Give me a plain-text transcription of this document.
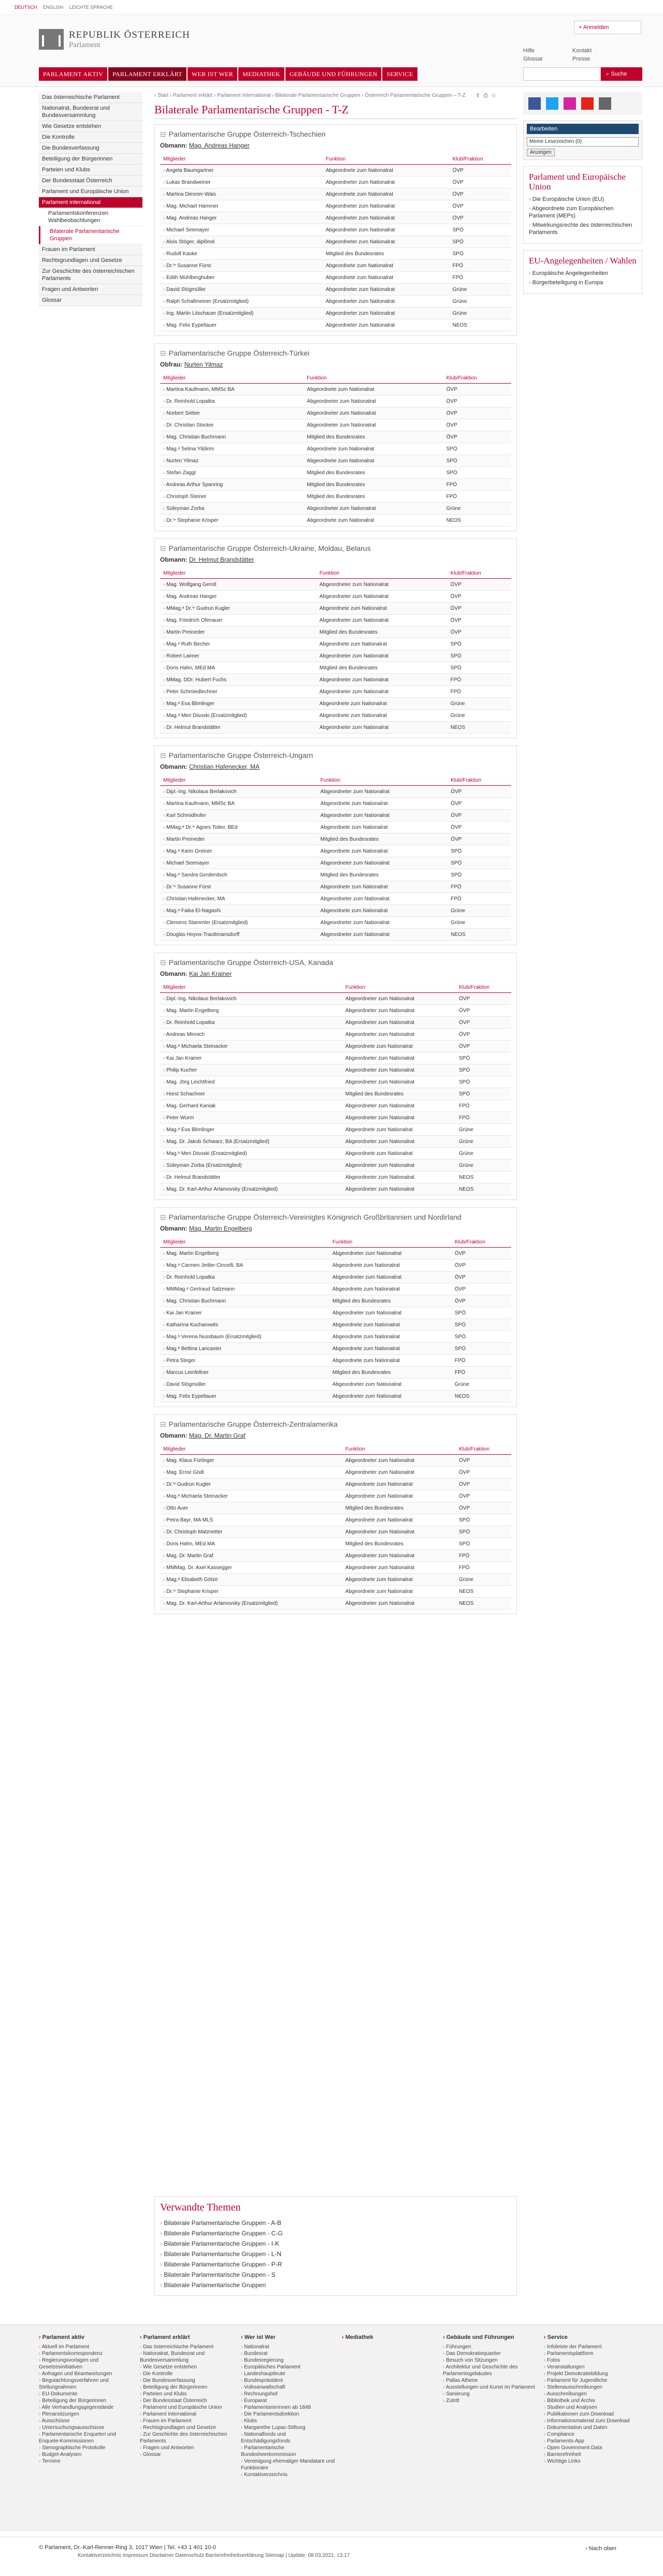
DEUTSCH ENGLISH LEICHTE SPRACHE
REPUBLIK ÖSTERREICH
Parlament
+ Anmelden
Hilfe
Glossar
Kontakt
Presse
PARLAMENT AKTIV	PARLAMENT ERKLÄRT	WER IST WER	MEDIATHEK	GEBÄUDE UND FÜHRUNGEN	SERVICE	⌕ Suche
Das österreichische Parlament
Nationalrat, Bundesrat und Bundesversammlung
Wie Gesetze entstehen
Die Kontrolle
Die Bundesverfassung
Beteiligung der Bürgerinnen
Parteien und Klubs
Der Bundesstaat Österreich
Parlament und Europäische Union
Parlament international
Parlamentskonferenzen Wahlbeobachtungen
Bilaterale Parlamentarische Gruppen
Frauen im Parlament
Rechtsgrundlagen und Gesetze
Zur Geschichte des österreichischen Parlaments
Fragen und Antworten
Glossar
› Start › Parlament erklärt › Parlament International › Bilaterale Parlamentarische Gruppen › Österreich Parlamentarische Gruppen – T-Z	⇪ ⎙ ☆
Bilaterale Parlamentarische Gruppen - T-Z
⊟ Parlamentarische Gruppe Österreich-Tschechien
Obmann: Mag. Andreas Hanger
Mitglieder	Funktion	Klub/Fraktion
› Angela Baumgartner	Abgeordnete zum Nationalrat	ÖVP
› Lukas Brandweiner	Abgeordneter zum Nationalrat	ÖVP
› Martina Diesner-Wais	Abgeordnete zum Nationalrat	ÖVP
› Mag. Michael Hammer	Abgeordneter zum Nationalrat	ÖVP
› Mag. Andreas Hanger	Abgeordneter zum Nationalrat	ÖVP
› Michael Seemayer	Abgeordneter zum Nationalrat	SPÖ
› Alois Stöger, diplômé	Abgeordneter zum Nationalrat	SPÖ
› Rudolf Kaske	Mitglied des Bundesrates	SPÖ
› Dr.ⁱⁿ Susanne Fürst	Abgeordnete zum Nationalrat	FPÖ
› Edith Mühlberghuber	Abgeordnete zum Nationalrat	FPÖ
› David Stögmüller	Abgeordneter zum Nationalrat	Grüne
› Ralph Schallmeiner (Ersatzmitglied)	Abgeordneter zum Nationalrat	Grüne
› Ing. Martin Litschauer (Ersatzmitglied)	Abgeordneter zum Nationalrat	Grüne
› Mag. Felix Eypeltauer	Abgeordneter zum Nationalrat	NEOS
⊟ Parlamentarische Gruppe Österreich-Türkei
Obfrau: Nurten Yilmaz
Mitglieder	Funktion	Klub/Fraktion
› Martina Kaufmann, MMSc BA	Abgeordnete zum Nationalrat	ÖVP
› Dr. Reinhold Lopatka	Abgeordneter zum Nationalrat	ÖVP
› Norbert Sieber	Abgeordneter zum Nationalrat	ÖVP
› Dr. Christian Stocker	Abgeordneter zum Nationalrat	ÖVP
› Mag. Christian Buchmann	Mitglied des Bundesrates	ÖVP
› Mag.ᵃ Selma Yildirim	Abgeordnete zum Nationalrat	SPÖ
› Nurten Yilmaz	Abgeordnete zum Nationalrat	SPÖ
› Stefan Zaggl	Mitglied des Bundesrates	SPÖ
› Andreas Arthur Spanring	Mitglied des Bundesrates	FPÖ
› Christoph Steiner	Mitglied des Bundesrates	FPÖ
› Süleyman Zorba	Abgeordneter zum Nationalrat	Grüne
› Dr.ⁱⁿ Stephanie Krisper	Abgeordnete zum Nationalrat	NEOS
⊟ Parlamentarische Gruppe Österreich-Ukraine, Moldau, Belarus
Obmann: Dr. Helmut Brandstätter
Mitglieder	Funktion	Klub/Fraktion
› Mag. Wolfgang Gerstl	Abgeordneter zum Nationalrat	ÖVP
› Mag. Andreas Hanger	Abgeordneter zum Nationalrat	ÖVP
› MMag.ᵃ Dr.ⁱⁿ Gudrun Kugler	Abgeordnete zum Nationalrat	ÖVP
› Mag. Friedrich Ofenauer	Abgeordneter zum Nationalrat	ÖVP
› Martin Preineder	Mitglied des Bundesrates	ÖVP
› Mag.ᵃ Ruth Becher	Abgeordnete zum Nationalrat	SPÖ
› Robert Laimer	Abgeordneter zum Nationalrat	SPÖ
› Doris Hahn, MEd MA	Mitglied des Bundesrates	SPÖ
› MMag. DDr. Hubert Fuchs	Abgeordneter zum Nationalrat	FPÖ
› Peter Schmiedlechner	Abgeordneter zum Nationalrat	FPÖ
› Mag.ᵃ Eva Blimlinger	Abgeordnete zum Nationalrat	Grüne
› Mag.ᵃ Meri Disoski (Ersatzmitglied)	Abgeordnete zum Nationalrat	Grüne
› Dr. Helmut Brandstätter	Abgeordneter zum Nationalrat	NEOS
⊟ Parlamentarische Gruppe Österreich-Ungarn
Obmann: Christian Hafenecker, MA
Mitglieder	Funktion	Klub/Fraktion
› Dipl.-Ing. Nikolaus Berlakovich	Abgeordneter zum Nationalrat	ÖVP
› Martina Kaufmann, MMSc BA	Abgeordnete zum Nationalrat	ÖVP
› Karl Schmidhofer	Abgeordneter zum Nationalrat	ÖVP
› MMag.ᵃ Dr.ⁱⁿ Agnes Totter, BEd	Abgeordnete zum Nationalrat	ÖVP
› Martin Preineder	Mitglied des Bundesrates	ÖVP
› Mag.ᵃ Karin Greiner	Abgeordnete zum Nationalrat	SPÖ
› Michael Seemayer	Abgeordneter zum Nationalrat	SPÖ
› Mag.ᵃ Sandra Gerdenitsch	Mitglied des Bundesrates	SPÖ
› Dr.ⁱⁿ Susanne Fürst	Abgeordnete zum Nationalrat	FPÖ
› Christian Hafenecker, MA	Abgeordneter zum Nationalrat	FPÖ
› Mag.ᵃ Faika El-Nagashi	Abgeordnete zum Nationalrat	Grüne
› Clemens Stammler (Ersatzmitglied)	Abgeordneter zum Nationalrat	Grüne
› Douglas Hoyos-Trauttmansdorff	Abgeordneter zum Nationalrat	NEOS
⊟ Parlamentarische Gruppe Österreich-USA, Kanada
Obmann: Kai Jan Krainer
Mitglieder	Funktion	Klub/Fraktion
› Dipl.-Ing. Nikolaus Berlakovich	Abgeordneter zum Nationalrat	ÖVP
› Mag. Martin Engelberg	Abgeordneter zum Nationalrat	ÖVP
› Dr. Reinhold Lopatka	Abgeordneter zum Nationalrat	ÖVP
› Andreas Minnich	Abgeordneter zum Nationalrat	ÖVP
› Mag.ᵃ Michaela Steinacker	Abgeordnete zum Nationalrat	ÖVP
› Kai Jan Krainer	Abgeordneter zum Nationalrat	SPÖ
› Philip Kucher	Abgeordneter zum Nationalrat	SPÖ
› Mag. Jörg Leichtfried	Abgeordneter zum Nationalrat	SPÖ
› Horst Schachner	Mitglied des Bundesrates	SPÖ
› Mag. Gerhard Kaniak	Abgeordneter zum Nationalrat	FPÖ
› Peter Wurm	Abgeordneter zum Nationalrat	FPÖ
› Mag.ᵃ Eva Blimlinger	Abgeordnete zum Nationalrat	Grüne
› Mag. Dr. Jakob Schwarz, BA (Ersatzmitglied)	Abgeordneter zum Nationalrat	Grüne
› Mag.ᵃ Meri Disoski (Ersatzmitglied)	Abgeordnete zum Nationalrat	Grüne
› Süleyman Zorba (Ersatzmitglied)	Abgeordneter zum Nationalrat	Grüne
› Dr. Helmut Brandstätter	Abgeordneter zum Nationalrat	NEOS
› Mag. Dr. Karl-Arthur Arlamovsky (Ersatzmitglied)	Abgeordneter zum Nationalrat	NEOS
⊟ Parlamentarische Gruppe Österreich-Vereinigtes Königreich Großbritannien und Nordirland
Obmann: Mag. Martin Engelberg
Mitglieder	Funktion	Klub/Fraktion
› Mag. Martin Engelberg	Abgeordneter zum Nationalrat	ÖVP
› Mag.ᵃ Carmen Jeitler-Cincelli, BA	Abgeordnete zum Nationalrat	ÖVP
› Dr. Reinhold Lopatka	Abgeordneter zum Nationalrat	ÖVP
› MMMag.ᵃ Gertraud Salzmann	Abgeordnete zum Nationalrat	ÖVP
› Mag. Christian Buchmann	Mitglied des Bundesrates	ÖVP
› Kai Jan Krainer	Abgeordneter zum Nationalrat	SPÖ
› Katharina Kucharowits	Abgeordnete zum Nationalrat	SPÖ
› Mag.ᵃ Verena Nussbaum (Ersatzmitglied)	Abgeordnete zum Nationalrat	SPÖ
› Mag.ᵃ Bettina Lancaster	Abgeordnete zum Nationalrat	SPÖ
› Petra Steger	Abgeordnete zum Nationalrat	FPÖ
› Marcus Leinfellner	Mitglied des Bundesrates	FPÖ
› David Stögmüller	Abgeordneter zum Nationalrat	Grüne
› Mag. Felix Eypeltauer	Abgeordneter zum Nationalrat	NEOS
⊟ Parlamentarische Gruppe Österreich-Zentralamerika
Obmann: Mag. Dr. Martin Graf
Mitglieder	Funktion	Klub/Fraktion
› Mag. Klaus Fürlinger	Abgeordneter zum Nationalrat	ÖVP
› Mag. Ernst Gödl	Abgeordneter zum Nationalrat	ÖVP
› Dr.ⁱⁿ Gudrun Kugler	Abgeordnete zum Nationalrat	ÖVP
› Mag.ᵃ Michaela Steinacker	Abgeordnete zum Nationalrat	ÖVP
› Otto Auer	Mitglied des Bundesrates	ÖVP
› Petra Bayr, MA MLS	Abgeordnete zum Nationalrat	SPÖ
› Dr. Christoph Matznetter	Abgeordneter zum Nationalrat	SPÖ
› Doris Hahn, MEd MA	Mitglied des Bundesrates	SPÖ
› Mag. Dr. Martin Graf	Abgeordneter zum Nationalrat	FPÖ
› MMMag. Dr. Axel Kassegger	Abgeordneter zum Nationalrat	FPÖ
› Mag.ᵃ Elisabeth Götze	Abgeordnete zum Nationalrat	Grüne
› Dr.ⁱⁿ Stephanie Krisper	Abgeordnete zum Nationalrat	NEOS
› Mag. Dr. Karl-Arthur Arlamovsky (Ersatzmitglied)	Abgeordneter zum Nationalrat	NEOS
Bearbeiten
Meine Lesezeichen (0)
Anzeigen
Parlament und Europäische Union
› Die Europäische Union (EU)
› Abgeordnete zum Europäischen Parlament (MEPs)
› Mitwirkungsrechte des österreichischen Parlaments
EU-Angelegenheiten / Wahlen
› Europäische Angelegenheiten
› Bürgerbeteiligung in Europa
Verwandte Themen
› Bilaterale Parlamentarische Gruppen - A-B
› Bilaterale Parlamentarische Gruppen - C-G
› Bilaterale Parlamentarische Gruppen - I-K
› Bilaterale Parlamentarische Gruppen - L-N
› Bilaterale Parlamentarische Gruppen - P-R
› Bilaterale Parlamentarische Gruppen - S
› Bilaterale Parlamentarische Gruppen
› Parlament aktiv
› Aktuell im Parlament
› Parlamentskorrespondenz
› Regierungsvorlagen und Gesetzesinitiativen
› Anfragen und Beantwortungen
› Begutachtungsverfahren und Stellungnahmen
› EU-Dokumente
› Beteiligung der Bürgerinnen
› Alle Verhandlungsgegenstände
› Plenarsitzungen
› Ausschüsse
› Untersuchungsausschüsse
› Parlamentarische Enqueten und Enquete-Kommissionen
› Stenographische Protokolle
› Budget-Analysen
› Termine
› Parlament erklärt
› Das österreichische Parlament
› Nationalrat, Bundesrat und Bundesversammlung
› Wie Gesetze entstehen
› Die Kontrolle
› Die Bundesverfassung
› Beteiligung der Bürgerinnen
› Parteien und Klubs
› Der Bundesstaat Österreich
› Parlament und Europäische Union
› Parlament international
› Frauen im Parlament
› Rechtsgrundlagen und Gesetze
› Zur Geschichte des österreichischen Parlaments
› Fragen und Antworten
› Glossar
› Wer ist Wer
› Nationalrat
› Bundesrat
› Bundesregierung
› Europäisches Parlament
› Landeshauptleute
› Bundespräsident
› Volksanwaltschaft
› Rechnungshof
› Europarat
› Parlamentarierinnen ab 1848
› Die Parlamentsdirektion
› Klubs
› Margarethe Lupac-Stiftung
› Nationalfonds und Entschädigungsfonds
› Parlamentarische Bundesheerkommission
› Vereinigung ehemaliger Mandatare und Funktionäre
› Kontaktverzeichnis
› Mediathek	› Gebäude und Führungen
› Führungen
› Das Demokratiequartier
› Besuch von Sitzungen
› Architektur und Geschichte des Parlamentsgebäudes
› Pallas Athene
› Ausstellungen und Kunst im Parlament
› Sanierung
› Zutritt
› Service
› Infoleiste der Parlament
› Parlamentsplattform
› Fotos
› Veranstaltungen
› Projekt Demokratiebildung
› Parlament für Jugendliche
› Stellenausschreibungen
› Ausschreibungen
› Bibliothek und Archiv
› Studien und Analysen
› Publikationen zum Download
› Informationsmaterial zum Download
› Dokumentation und Daten
› Compliance
› Parlaments-App
› Open Government Data
› Barrierefreiheit
› Wichtige Links
© Parlament, Dr.-Karl-Renner-Ring 3, 1017 Wien | Tel. +43 1 401 10-0
Kontaktverzeichnis Impressum Disclaimer Datenschutz Barrierefreiheitserklärung Sitemap | Update: 08.03.2021, 13:17
› Nach oben
